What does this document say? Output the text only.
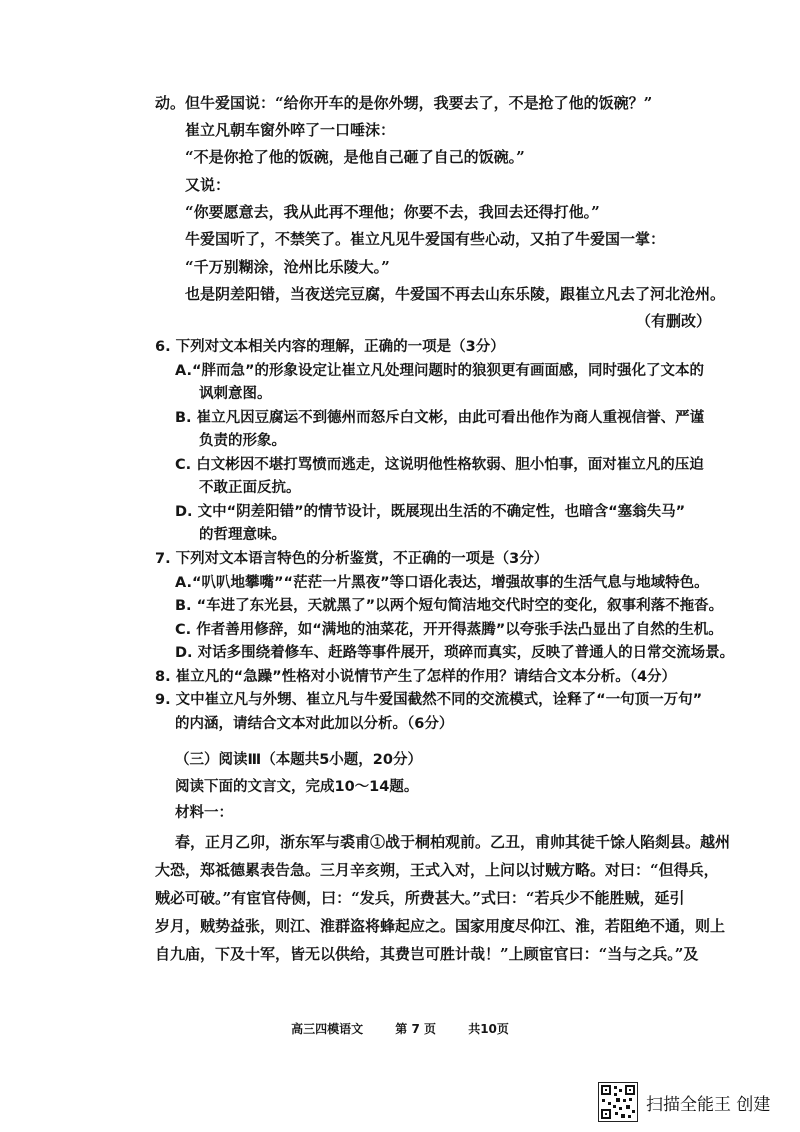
动。但牛爱国说：“给你开车的是你外甥，我要去了，不是抢了他的饭碗？”
崔立凡朝车窗外啐了一口唾沫：
“不是你抢了他的饭碗，是他自己砸了自己的饭碗。”
又说：
“你要愿意去，我从此再不理他；你要不去，我回去还得打他。”
牛爱国听了，不禁笑了。崔立凡见牛爱国有些心动，又拍了牛爱国一掌：
“千万别糊涂，沧州比乐陵大。”
也是阴差阳错，当夜送完豆腐，牛爱国不再去山东乐陵，跟崔立凡去了河北沧州。
（有删改）
6. 下列对文本相关内容的理解，正确的一项是（3分）
A.“胖而急”的形象设定让崔立凡处理问题时的狼狈更有画面感，同时强化了文本的
讽刺意图。
B. 崔立凡因豆腐运不到德州而怒斥白文彬，由此可看出他作为商人重视信誉、严谨
负责的形象。
C. 白文彬因不堪打骂愤而逃走，这说明他性格软弱、胆小怕事，面对崔立凡的压迫
不敢正面反抗。
D. 文中“阴差阳错”的情节设计，既展现出生活的不确定性，也暗含“塞翁失马”
的哲理意味。
7. 下列对文本语言特色的分析鉴赏，不正确的一项是（3分）
A.“叭叭地攀嘴”“茫茫一片黑夜”等口语化表达，增强故事的生活气息与地域特色。
B. “车进了东光县，天就黑了”以两个短句简洁地交代时空的变化，叙事利落不拖沓。
C. 作者善用修辞，如“满地的油菜花，开开得蒸腾”以夸张手法凸显出了自然的生机。
D. 对话多围绕着修车、赶路等事件展开，琐碎而真实，反映了普通人的日常交流场景。
8. 崔立凡的“急躁”性格对小说情节产生了怎样的作用？请结合文本分析。（4分）
9. 文中崔立凡与外甥、崔立凡与牛爱国截然不同的交流模式，诠释了“一句顶一万句”
的内涵，请结合文本对此加以分析。（6分）
（三）阅读Ⅲ（本题共5小题，20分）
阅读下面的文言文，完成10～14题。
材料一：
春，正月乙卯，浙东军与裘甫①战于桐柏观前。乙丑，甫帅其徒千馀人陷剡县。越州
大恐，郑祗德累表告急。三月辛亥朔，王式入对，上问以讨贼方略。对曰：“但得兵，
贼必可破。”有宦官侍侧，曰：“发兵，所费甚大。”式曰：“若兵少不能胜贼，延引
岁月，贼势益张，则江、淮群盗将蜂起应之。国家用度尽仰江、淮，若阻绝不通，则上
自九庙，下及十军，皆无以供给，其费岂可胜计哉！”上顾宦官曰：“当与之兵。”及
高三四模语文	第 7 页	共10页
扫描全能王 创建
